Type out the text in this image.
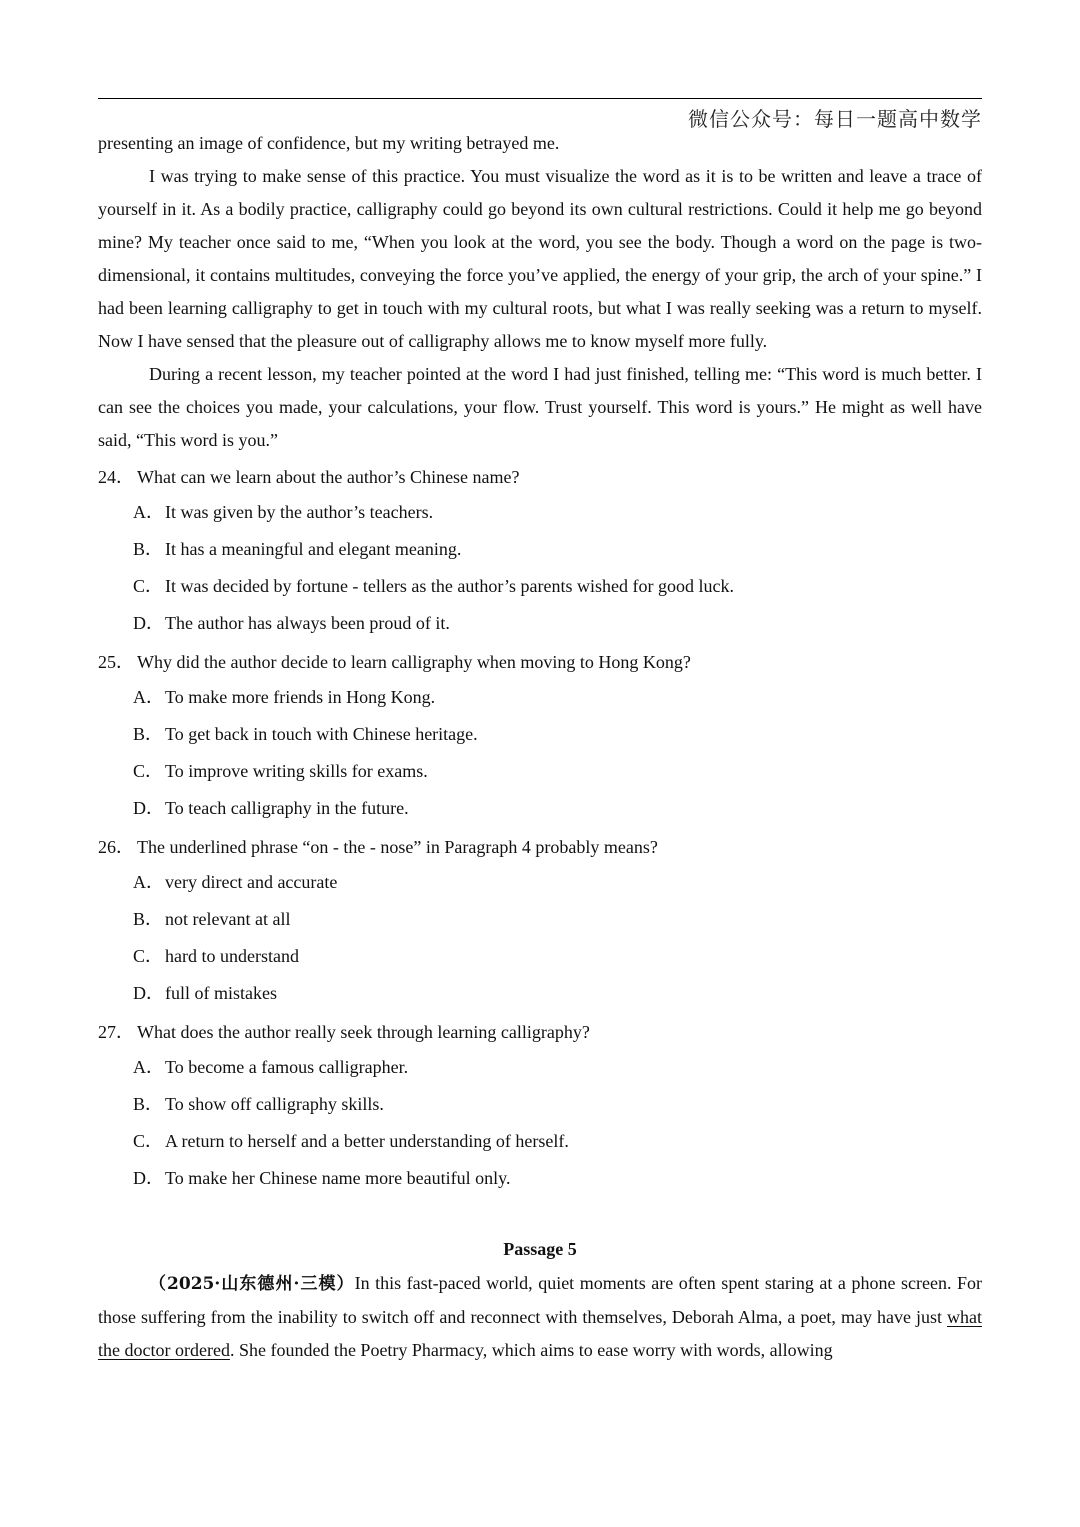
微信公众号：每日一题高中数学

presenting an image of confidence, but my writing betrayed me.

I was trying to make sense of this practice. You must visualize the word as it is to be written and leave a trace of yourself in it. As a bodily practice, calligraphy could go beyond its own cultural restrictions. Could it help me go beyond mine? My teacher once said to me, “When you look at the word, you see the body. Though a word on the page is two-dimensional, it contains multitudes, conveying the force you’ve applied, the energy of your grip, the arch of your spine.” I had been learning calligraphy to get in touch with my cultural roots, but what I was really seeking was a return to myself. Now I have sensed that the pleasure out of calligraphy allows me to know myself more fully.

During a recent lesson, my teacher pointed at the word I had just finished, telling me: “This word is much better. I can see the choices you made, your calculations, your flow. Trust yourself. This word is yours.” He might as well have said, “This word is you.”

24． What can we learn about the author’s Chinese name?
A．It was given by the author’s teachers.
B． It has a meaningful and elegant meaning.
C． It was decided by fortune - tellers as the author’s parents wished for good luck.
D．The author has always been proud of it.
25． Why did the author decide to learn calligraphy when moving to Hong Kong?
A．To make more friends in Hong Kong.
B． To get back in touch with Chinese heritage.
C． To improve writing skills for exams.
D．To teach calligraphy in the future.
26． The underlined phrase “on - the - nose” in Paragraph 4 probably means?
A．very direct and accurate
B． not relevant at all
C． hard to understand
D．full of mistakes
27． What does the author really seek through learning calligraphy?
A．To become a famous calligrapher.
B． To show off calligraphy skills.
C． A return to herself and a better understanding of herself.
D．To make her Chinese name more beautiful only.
Passage 5

（2025·山东德州·三模）In this fast-paced world, quiet moments are often spent staring at a phone screen. For those suffering from the inability to switch off and reconnect with themselves, Deborah Alma, a poet, may have just what the doctor ordered. She founded the Poetry Pharmacy, which aims to ease worry with words, allowing
